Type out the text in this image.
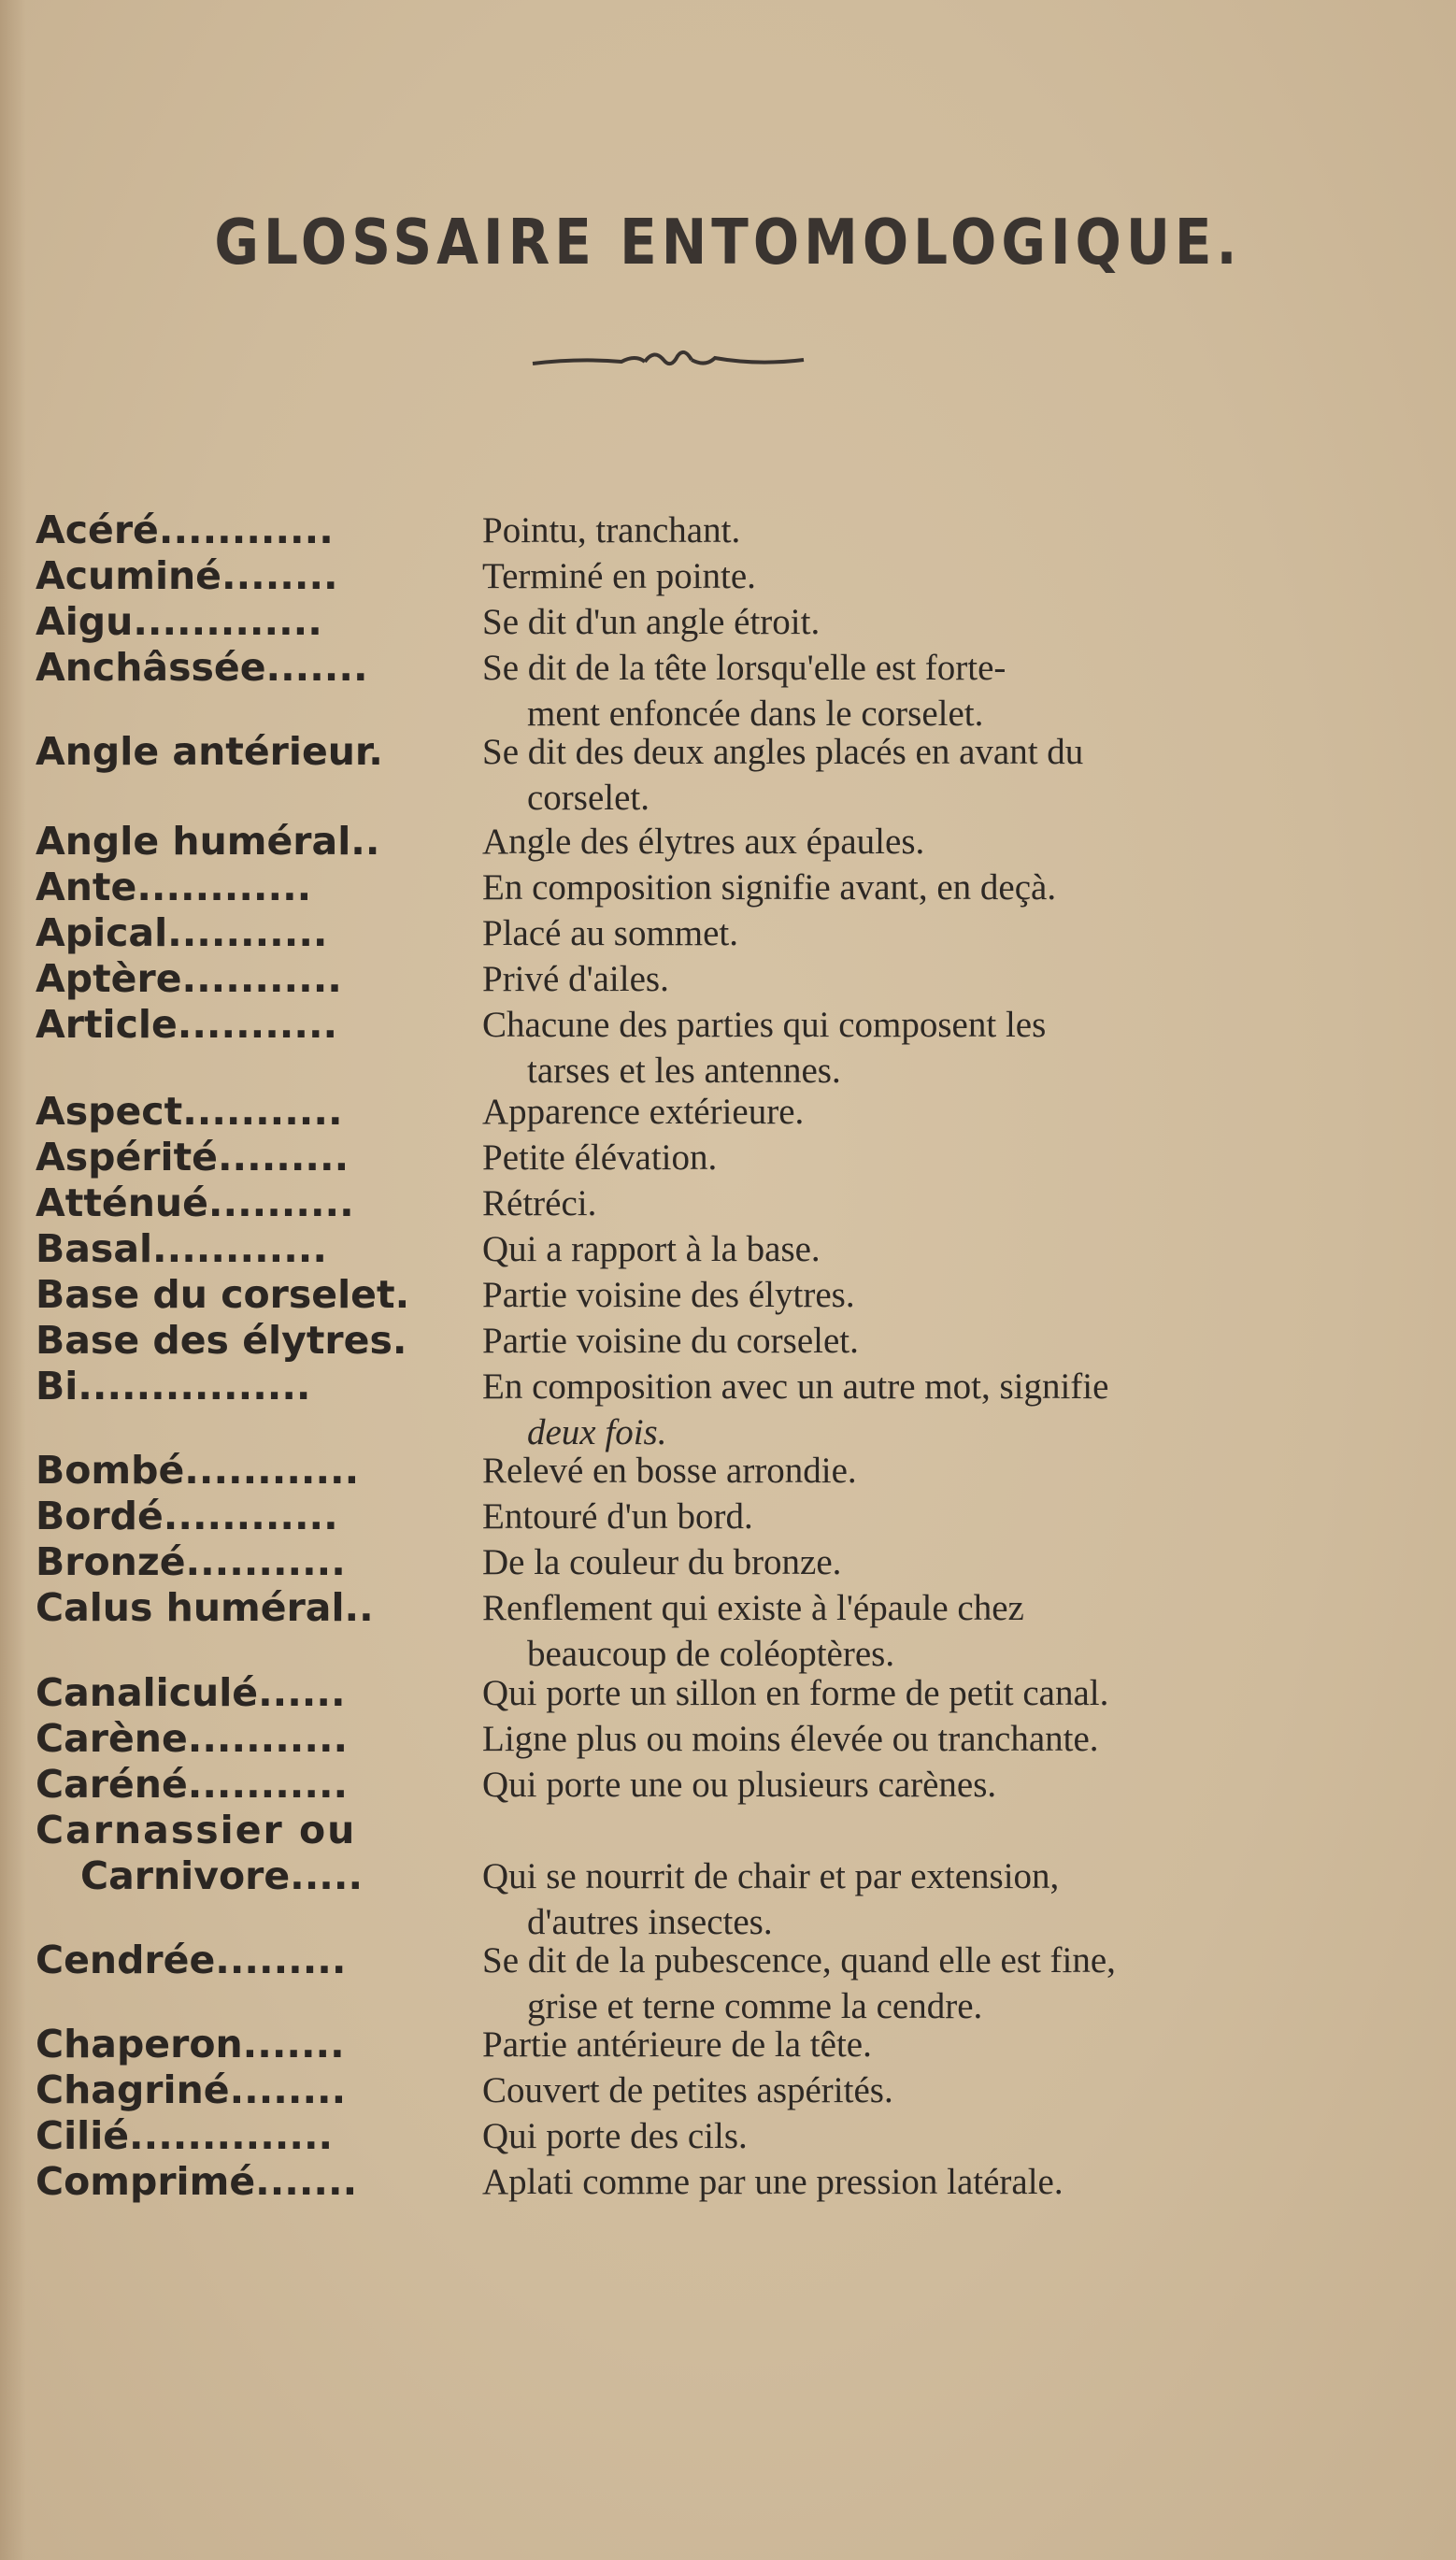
GLOSSAIRE ENTOMOLOGIQUE.
Acéré............	Pointu, tranchant.
Acuminé........	Terminé en pointe.
Aigu.............	Se dit d'un angle étroit.
Anchâssée.......	Se dit de la tête lorsqu'elle est forte-
ment enfoncée dans le corselet.
Angle antérieur.	Se dit des deux angles placés en avant du
corselet.
Angle huméral..	Angle des élytres aux épaules.
Ante............	En composition signifie avant, en deçà.
Apical...........	Placé au sommet.
Aptère...........	Privé d'ailes.
Article...........	Chacune des parties qui composent les
tarses et les antennes.
Aspect...........	Apparence extérieure.
Aspérité.........	Petite élévation.
Atténué..........	Rétréci.
Basal............	Qui a rapport à la base.
Base du corselet.	Partie voisine des élytres.
Base des élytres.	Partie voisine du corselet.
Bi................	En composition avec un autre mot, signifie
deux fois.
Bombé............	Relevé en bosse arrondie.
Bordé............	Entouré d'un bord.
Bronzé...........	De la couleur du bronze.
Calus huméral..	Renflement qui existe à l'épaule chez
beaucoup de coléoptères.
Canaliculé......	Qui porte un sillon en forme de petit canal.
Carène...........	Ligne plus ou moins élevée ou tranchante.
Caréné...........	Qui porte une ou plusieurs carènes.
Carnassier ou
Carnivore.....	Qui se nourrit de chair et par extension,
d'autres insectes.
Cendrée.........	Se dit de la pubescence, quand elle est fine,
grise et terne comme la cendre.
Chaperon.......	Partie antérieure de la tête.
Chagriné........	Couvert de petites aspérités.
Cilié..............	Qui porte des cils.
Comprimé.......	Aplati comme par une pression latérale.
